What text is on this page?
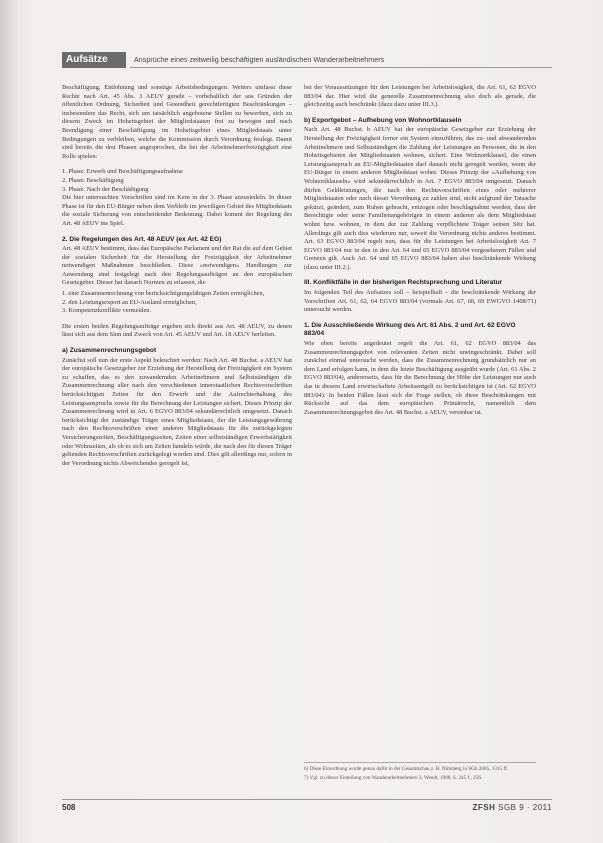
Aufsätze	Ansprüche eines zeitweilig beschäftigten ausländischen Wanderarbeitnehmers

Beschäftigung, Entlohnung und sonstige Arbeitsbedingungen. Weiters umfasst diese Rechte nach Art. 45 Abs. 3 AEUV gerade – vorbehaltlich der aus Gründen der öffentlichen Ordnung, Sicherheit und Gesundheit gerechtfertigten Beschränkungen – insbesondere das Recht, sich um tatsächlich angebotene Stellen zu bewerben, sich zu diesem Zweck im Hoheitsgebiet der Mitgliedstaaten frei zu bewegen und nach Beendigung einer Beschäftigung im Hoheitsgebiet eines Mitgliedstaats unter Bedingungen zu verbleiben, welche die Kommission durch Verordnung festlegt. Damit sind bereits die drei Phasen angesprochen, die bei der Arbeitnehmerfreizügigkeit eine Rolle spielen:

1. Phase: Erwerb und Beschäftigungsaufnahme
2. Phase: Beschäftigung
3. Phase: Nach der Beschäftigung

Die hier untersuchten Vorschriften sind im Kern in der 3. Phase anzusiedeln. In dieser Phase ist für den EU-Bürger neben dem Verbleib im jeweiligen Gebiet des Mitgliedstaats die soziale Sicherung von entscheidender Bedeutung. Dabei kommt der Regelung des Art. 48 AEUV ins Spiel.

2. Die Regelungen des Art. 48 AEUV (ex Art. 42 EG)

Art. 48 AEUV bestimmt, dass das Europäische Parlament und der Rat die auf dem Gebiet der sozialen Sicherheit für die Herstellung der Freizügigkeit der Arbeitnehmer notwendigen Maßnahmen beschließen. Diese »notwendigen« Handlungen zur Anwendung sind festgelegt nach den Regelungsaufträgen an den europäischen Gesetzgeber. Dieser hat danach Normen zu erlassen, die

1. eine Zusammenrechnung von berücksichtigungsfähigen Zeiten ermöglichen,
2. den Leistungsexport an EU-Ausland ermöglichen,
3. Kompetenzkonflikte vermeiden.

Die ersten beiden Regelungsaufträge ergeben sich direkt aus Art. 48 AEUV, zu denen lässt sich aus dem Sinn und Zweck von Art. 45 AEUV und Art. 18 AEUV herleiten.

a) Zusammenrechnungsgebot

Zunächst soll nun der erste Aspekt beleuchtet werden: Nach Art. 48 Buchst. a AEUV hat der europäische Gesetzgeber zur Erziehung der Herstellung der Freizügigkeit ein System zu schaffen, das es den zuwandernden Arbeitnehmern und Selbstständigen die Zusammenrechnung aller nach den verschiedenen innerstaatlichen Rechtsvorschriften berücksichtigten Zeiten für den Erwerb und die Aufrechterhaltung des Leistungsanspruchs sowie für die Berechnung der Leistungen sichert. Dieses Prinzip der Zusammenrechnung wird in Art. 6 EGVO 883/04 sekundärrechtlich umgesetzt. Danach berücksichtigt der zuständige Träger eines Mitgliedstaats, der die Leistungsgewährung nach den Rechtsvorschriften einer anderen Mitgliedstaats für die zurückgelegten Versicherungszeiten, Beschäftigungszeiten, Zeiten einer selbstständigen Erwerbstätigkeit oder Wohnzeiten, als ob es sich um Zeiten handeln würde, die nach den für diesen Träger geltenden Rechtsvorschriften zurückgelegt worden sind. Dies gilt allerdings nur, sofern in der Verordnung nichts Abweichendes geregelt ist,

bei der Voraussetzungen für den Leistungen bei Arbeitslosigkeit, die Art. 61, 62 EGVO 883/04 dar. Hier wird die generelle Zusammenrechnung also doch als gerade, die gleichzeitig auch beschränkt (dazu dazu unter III.3.).

b) Exportgebot – Aufhebung von Wohnortklauseln

Nach Art. 48 Buchst. b AEUV hat der europäische Gesetzgeber zur Erziehung der Herstellung der Freizügigkeit ferner ein System einzuführen, das zu- und abwandernden Arbeitnehmern und Selbstständigen die Zahlung der Leistungen an Personen, die in den Hoheitsgebieten der Mitgliedstaaten wohnen, sichert. Eine Wohnortklausel, die einen Leistungsanspruch an EU-Mitgliedstaaten darf danach nicht geregelt werden, wenn der EU-Bürger in einem anderen Mitgliedstaat wohnt. Dieses Prinzip der »Aufhebung von Wohnortklauseln« wird sekundärrechtlich in Art. 7 EGVO 883/04 umgesetzt. Danach dürfen Geldleistungen, die nach den Rechtsvorschriften eines oder mehrerer Mitgliedstaaten oder nach dieser Verordnung zu zahlen sind, nicht aufgrund der Tatsache gekürzt, geändert, zum Ruhen gebracht, entzogen oder beschlagnahmt werden, dass der Berechtigte oder seine Familienangehörigen in einem anderen als dem Mitgliedstaat wohnt bzw. wohnen, in dem der zur Zahlung verpflichtete Träger seinen Sitz hat. Allerdings gilt auch dies wiederum nur, soweit die Verordnung nichts anderes bestimmt. Art. 63 EGVO 883/04 regelt nun, dass für die Leistungen bei Arbeitslosigkeit Art. 7 EGVO 883/04 nur in den in den Art. 64 und 65 EGVO 883/04 vorgesehenen Fällen und Grenzen gilt. Auch Art. 64 und 65 EGVO 883/04 haben also beschränkende Wirkung (dazu unter III.2.).

III. Konfliktfälle in der bisherigen Rechtsprechung und Literatur

Im folgenden Teil des Aufsatzes soll – beispielhaft – die beschränkende Wirkung der Vorschriften Art. 61, 62, 64 EGVO 883/04 (vormals Art. 67, 68, 69 EWGVO 1408/71) untersucht werden.

1. Die Ausschließende Wirkung des Art. 61 Abs. 2 und Art. 62 EGVO 883/04

Wie eben bereits angedeutet regelt die Art. 61, 62 EGVO 883/04 das Zusammenrechnungsgebot von relevanten Zeiten nicht uneingeschränkt. Dabei soll zunächst einmal untersucht werden, dass die Zusammenrechnung grundsätzlich nur an dem Land erfolgen kann, in dem die letzte Beschäftigung ausgeübt wurde (Art. 61 Abs. 2 EGVO 883/04), andererseits, dass für die Berechnung der Höhe der Leistungen nur auch das in diesem Land erwirtschaftete Arbeitsentgelt zu berücksichtigen ist (Art. 62 EGVO 883/04). In beiden Fällen lässt sich die Frage stellen, ob diese Beschränkungen mit Rücksicht auf das dem europäischen Primärrecht, namentlich dem Zusammenrechnungsgebot des Art. 48 Buchst. a AEUV, vereinbar ist.

6) Diese Einordnung wurde genau dafür in der Gesamtschau z. B. Nimmerg in SGb 2005, 1315 ff.
7) Vgl. zu dieser Einteilung von Wanderarbeitnehmern 3, Wendt, 1988, S. 245 f., 256.
508	ZFSH SGB 9 · 2011
